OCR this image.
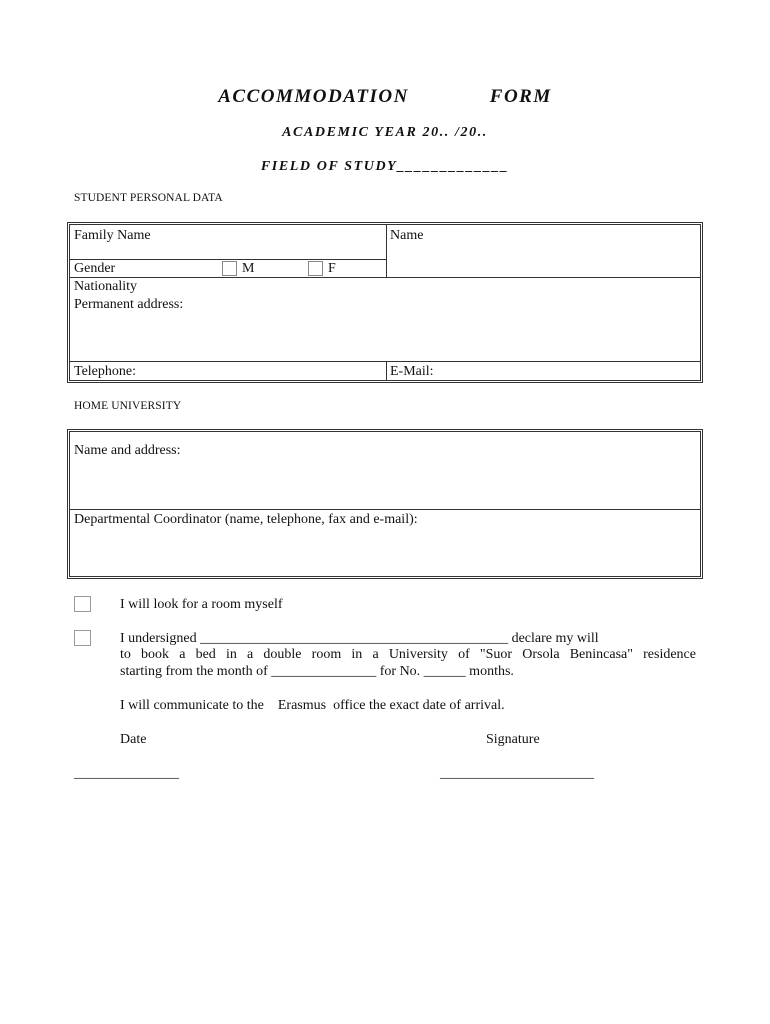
ACCOMMODATION    FORM
ACADEMIC YEAR 20.. /20..
FIELD OF STUDY_____________
STUDENT PERSONAL DATA
Family Name	Name
Gender	M	F
Nationality
Permanent address:
Telephone:	E-Mail:
HOME UNIVERSITY
Name and address:
Departmental Coordinator (name, telephone, fax and e-mail):
I will look for a room myself
I undersigned ____________________________________________ declare my will
to book a bed in a double room in a University of "Suor Orsola Benincasa" residence
starting from the month of _______________ for No. ______ months.
I will communicate to the    Erasmus  office the exact date of arrival.
Date	Signature
_______________	______________________
